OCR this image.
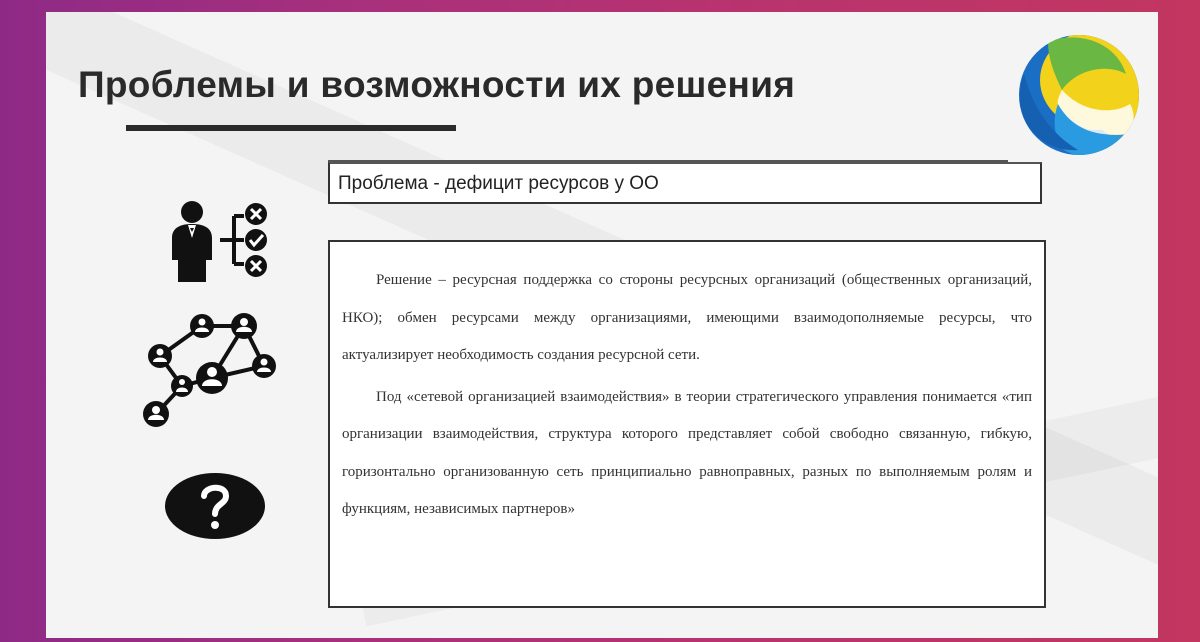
Проблемы и возможности их решения
Проблема - дефицит ресурсов у ОО

Решение – ресурсная поддержка со стороны ресурсных организаций (общественных организаций, НКО); обмен ресурсами между организациями, имеющими взаимодополняемые ресурсы, что актуализирует необходимость создания ресурсной сети.

Под «сетевой организацией взаимодействия» в теории стратегического управления понимается «тип организации взаимодействия, структура которого представляет собой свободно связанную, гибкую, горизонтально организованную сеть принципиально равноправных, разных по выполняемым ролям и функциям, независимых партнеров»
